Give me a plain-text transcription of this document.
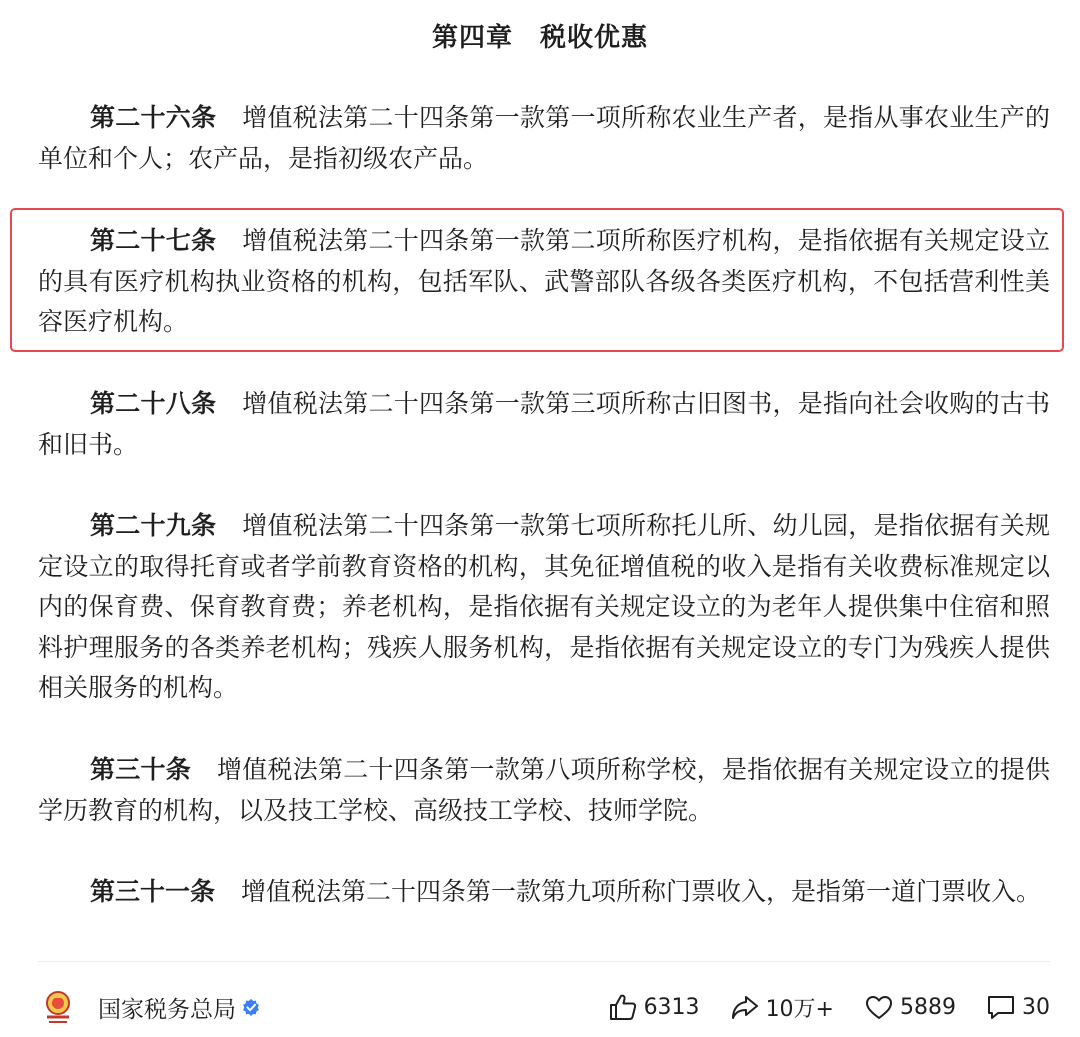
第四章　税收优惠
第二十六条 增值税法第二十四条第一款第一项所称农业生产者，是指从事农业生产的单位和个人；农产品，是指初级农产品。
第二十七条 增值税法第二十四条第一款第二项所称医疗机构，是指依据有关规定设立的具有医疗机构执业资格的机构，包括军队、武警部队各级各类医疗机构，不包括营利性美容医疗机构。
第二十八条 增值税法第二十四条第一款第三项所称古旧图书，是指向社会收购的古书和旧书。
第二十九条 增值税法第二十四条第一款第七项所称托儿所、幼儿园，是指依据有关规定设立的取得托育或者学前教育资格的机构，其免征增值税的收入是指有关收费标准规定以内的保育费、保育教育费；养老机构，是指依据有关规定设立的为老年人提供集中住宿和照料护理服务的各类养老机构；残疾人服务机构，是指依据有关规定设立的专门为残疾人提供相关服务的机构。
第三十条 增值税法第二十四条第一款第八项所称学校，是指依据有关规定设立的提供学历教育的机构，以及技工学校、高级技工学校、技师学院。
第三十一条 增值税法第二十四条第一款第九项所称门票收入，是指第一道门票收入。
国家税务总局	6313	10万+	5889	30
